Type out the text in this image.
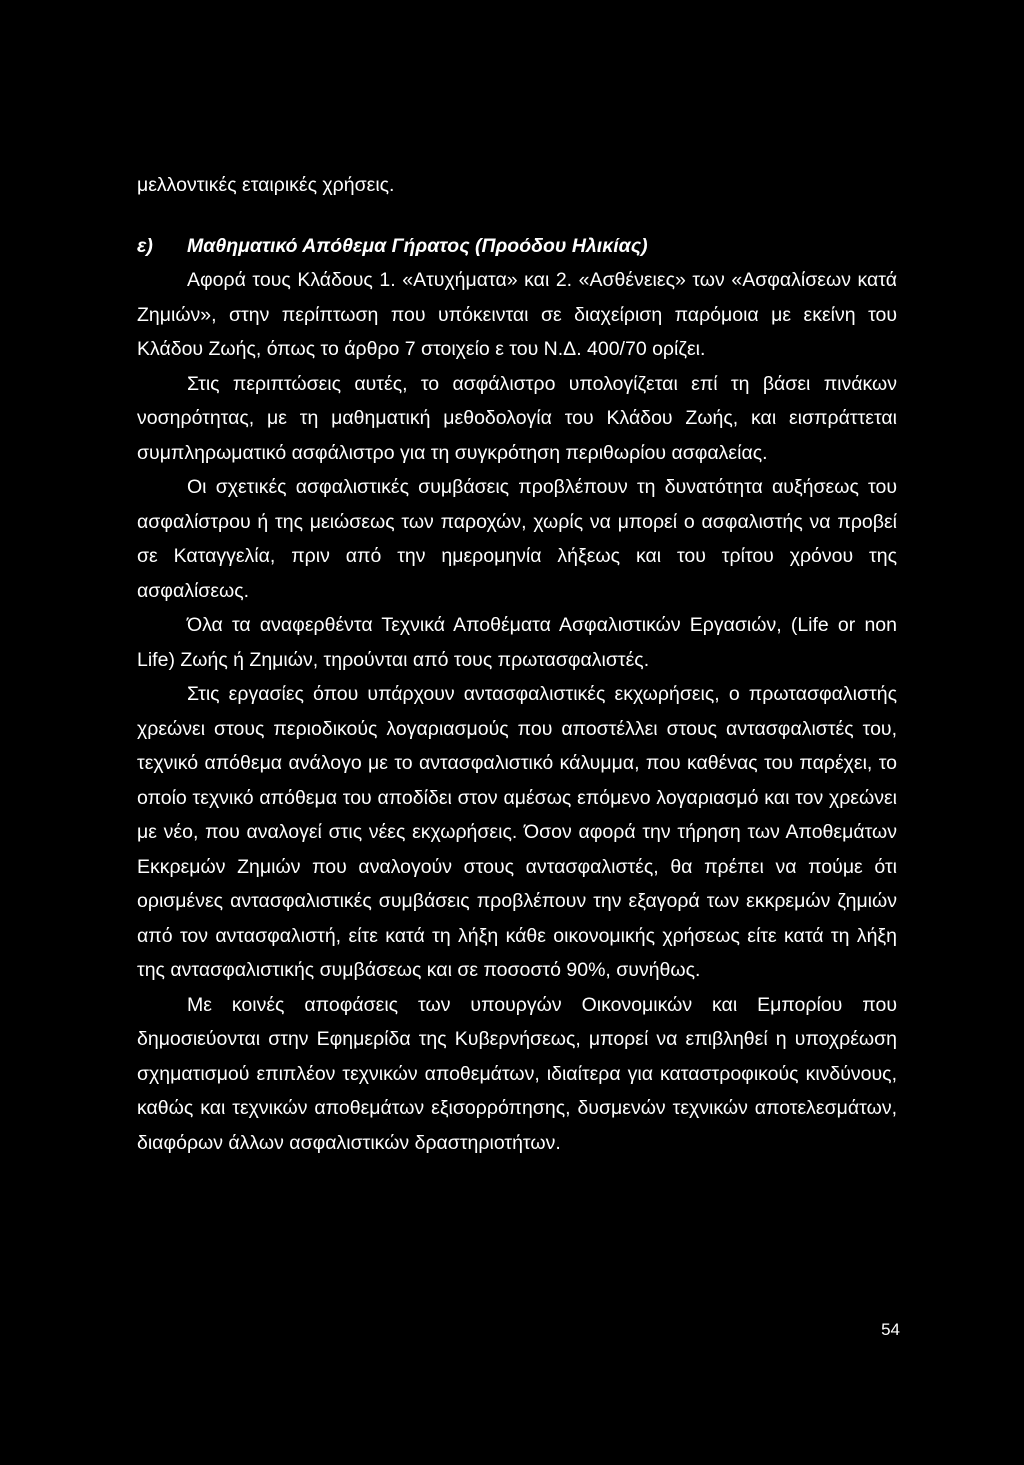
μελλοντικές εταιρικές χρήσεις.

ε)	Μαθηματικό Απόθεμα Γήρατος (Προόδου Ηλικίας)

Αφορά τους Κλάδους 1. «Ατυχήματα» και 2. «Ασθένειες» των «Ασφαλίσεων κατά Ζημιών», στην περίπτωση που υπόκεινται σε διαχείριση παρόμοια με εκείνη του Κλάδου Ζωής, όπως το άρθρο 7 στοιχείο ε του Ν.Δ. 400/70 ορίζει.

Στις περιπτώσεις αυτές, το ασφάλιστρο υπολογίζεται επί τη βάσει πινάκων νοσηρότητας, με τη μαθηματική μεθοδολογία του Κλάδου Ζωής, και εισπράττεται συμπληρωματικό ασφάλιστρο για τη συγκρότηση περιθωρίου ασφαλείας.

Οι σχετικές ασφαλιστικές συμβάσεις προβλέπουν τη δυνατότητα αυξήσεως του ασφαλίστρου ή της μειώσεως των παροχών, χωρίς να μπορεί ο ασφαλιστής να προβεί σε Καταγγελία, πριν από την ημερομηνία λήξεως και του τρίτου χρόνου της ασφαλίσεως.

Όλα τα αναφερθέντα Τεχνικά Αποθέματα Ασφαλιστικών Εργασιών, (Life or non Life) Ζωής ή Ζημιών, τηρούνται από τους πρωτασφαλιστές.

Στις εργασίες όπου υπάρχουν αντασφαλιστικές εκχωρήσεις, ο πρωτασφαλιστής χρεώνει στους περιοδικούς λογαριασμούς που αποστέλλει στους αντασφαλιστές του, τεχνικό απόθεμα ανάλογο με το αντασφαλιστικό κάλυμμα, που καθένας του παρέχει, το οποίο τεχνικό απόθεμα του αποδίδει στον αμέσως επόμενο λογαριασμό και τον χρεώνει με νέο, που αναλογεί στις νέες εκχωρήσεις. Όσον αφορά την τήρηση των Αποθεμάτων Εκκρεμών Ζημιών που αναλογούν στους αντασφαλιστές, θα πρέπει να πούμε ότι ορισμένες αντασφαλιστικές συμβάσεις προβλέπουν την εξαγορά των εκκρεμών ζημιών από τον αντασφαλιστή, είτε κατά τη λήξη κάθε οικονομικής χρήσεως είτε κατά τη λήξη της αντασφαλιστικής συμβάσεως και σε ποσοστό 90%, συνήθως.

Με κοινές αποφάσεις των υπουργών Οικονομικών και Εμπορίου που δημοσιεύονται στην Εφημερίδα της Κυβερνήσεως, μπορεί να επιβληθεί η υποχρέωση σχηματισμού επιπλέον τεχνικών αποθεμάτων, ιδιαίτερα για καταστροφικούς κινδύνους, καθώς και τεχνικών αποθεμάτων εξισορρόπησης, δυσμενών τεχνικών αποτελεσμάτων, διαφόρων άλλων ασφαλιστικών δραστηριοτήτων.

54
